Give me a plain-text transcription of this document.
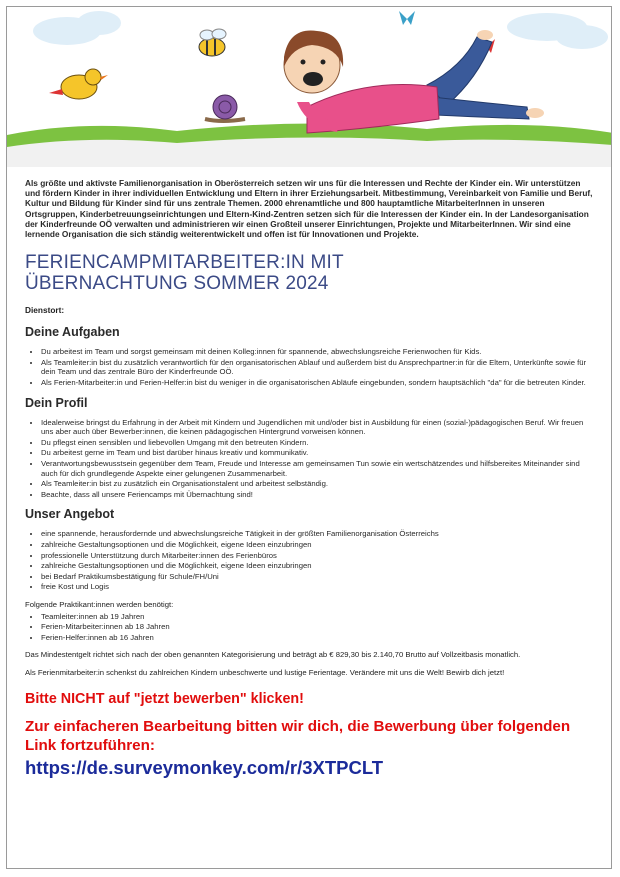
Als größte und aktivste Familienorganisation in Oberösterreich setzen wir uns für die Interessen und Rechte der Kinder ein. Wir unterstützen und fördern Kinder in ihrer individuellen Entwicklung und Eltern in ihrer Erziehungsarbeit. Mitbestimmung, Vereinbarkeit von Familie und Beruf, Kultur und Bildung für Kinder sind für uns zentrale Themen. 2000 ehrenamtliche und 800 hauptamtliche MitarbeiterInnen in unseren Ortsgruppen, Kinderbetreuungseinrichtungen und Eltern-Kind-Zentren setzen sich für die Interessen der Kinder ein. In der Landesorganisation der Kinderfreunde OÖ verwalten und administrieren wir einen Großteil unserer Einrichtungen, Projekte und MitarbeiterInnen. Wir sind eine lernende Organisation die sich ständig weiterentwickelt und offen ist für Innovationen und Projekte.

FERIENCAMPMITARBEITER:IN MIT
ÜBERNACHTUNG SOMMER 2024

Dienstort:

Deine Aufgaben
• Du arbeitest im Team und sorgst gemeinsam mit deinen Kolleg:innen für spannende, abwechslungsreiche Ferienwochen für Kids.
• Als Teamleiter:in bist du zusätzlich verantwortlich für den organisatorischen Ablauf und außerdem bist du Ansprechpartner:in für die Eltern, Unterkünfte sowie für dein Team und das zentrale Büro der Kinderfreunde OÖ.
• Als Ferien-Mitarbeiter:in und Ferien-Helfer:in bist du weniger in die organisatorischen Abläufe eingebunden, sondern hauptsächlich "da" für die betreuten Kinder.
Dein Profil
• Idealerweise bringst du Erfahrung in der Arbeit mit Kindern und Jugendlichen mit und/oder bist in Ausbildung für einen (sozial-)pädagogischen Beruf. Wir freuen uns aber auch über Bewerber:innen, die keinen pädagogischen Hintergrund vorweisen können.
• Du pflegst einen sensiblen und liebevollen Umgang mit den betreuten Kindern.
• Du arbeitest gerne im Team und bist darüber hinaus kreativ und kommunikativ.
• Verantwortungsbewusstsein gegenüber dem Team, Freude und Interesse am gemeinsamen Tun sowie ein wertschätzendes und hilfsbereites Miteinander sind auch für dich grundlegende Aspekte einer gelungenen Zusammenarbeit.
• Als Teamleiter:in bist zu zusätzlich ein Organisationstalent und arbeitest selbständig.
• Beachte, dass all unsere Feriencamps mit Übernachtung sind!
Unser Angebot
• eine spannende, herausfordernde und abwechslungsreiche Tätigkeit in der größten Familienorganisation Österreichs
• zahlreiche Gestaltungsoptionen und die Möglichkeit, eigene Ideen einzubringen
• professionelle Unterstützung durch Mitarbeiter:innen des Ferienbüros
• zahlreiche Gestaltungsoptionen und die Möglichkeit, eigene Ideen einzubringen
• bei Bedarf Praktikumsbestätigung für Schule/FH/Uni
• freie Kost und Logis

Folgende Praktikant:innen werden benötigt:

• Teamleiter:innen ab 19 Jahren
• Ferien-Mitarbeiter:innen ab 18 Jahren
• Ferien-Helfer:innen ab 16 Jahren

Das Mindestentgelt richtet sich nach der oben genannten Kategorisierung und beträgt ab € 829,30 bis 2.140,70 Brutto auf Vollzeitbasis monatlich.

Als Ferienmitarbeiter:in schenkst du zahlreichen Kindern unbeschwerte und lustige Ferientage. Verändere mit uns die Welt! Bewirb dich jetzt!

Bitte NICHT auf "jetzt bewerben" klicken!

Zur einfacheren Bearbeitung bitten wir dich, die Bewerbung über folgenden Link fortzuführen:

https://de.surveymonkey.com/r/3XTPCLT
